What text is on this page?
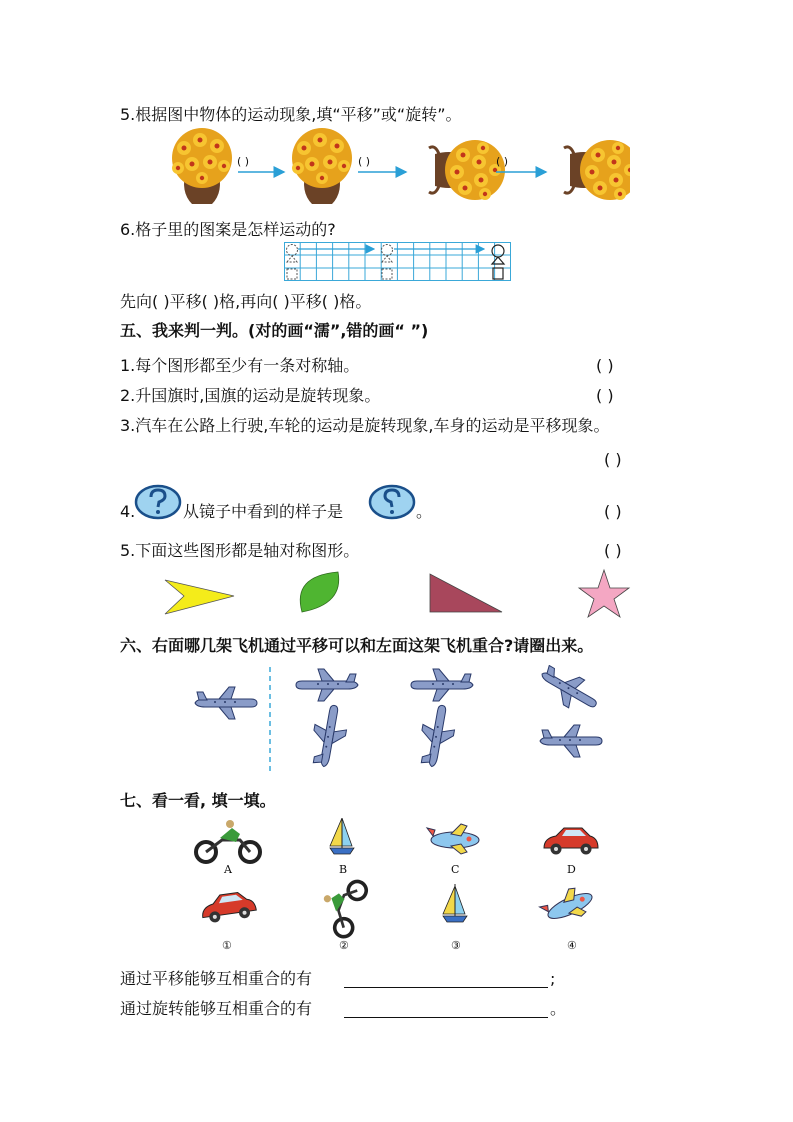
5.根据图中物体的运动现象,填“平移”或“旋转”。
( )	( )	( )
6.格子里的图案是怎样运动的?
先向( )平移( )格,再向( )平移( )格。
五、我来判一判。(对的画“濡”,错的画“ ”)
1.每个图形都至少有一条对称轴。	( )
2.升国旗时,国旗的运动是旋转现象。	( )
3.汽车在公路上行驶,车轮的运动是旋转现象,车身的运动是平移现象。
( )
4.	从镜子中看到的样子是	。	( )
5.下面这些图形都是轴对称图形。	( )
六、右面哪几架飞机通过平移可以和左面这架飞机重合?请圈出来。
七、看一看, 填一填。
A	B	C	D
①	②	③	④
通过平移能够互相重合的有	;
通过旋转能够互相重合的有	。
